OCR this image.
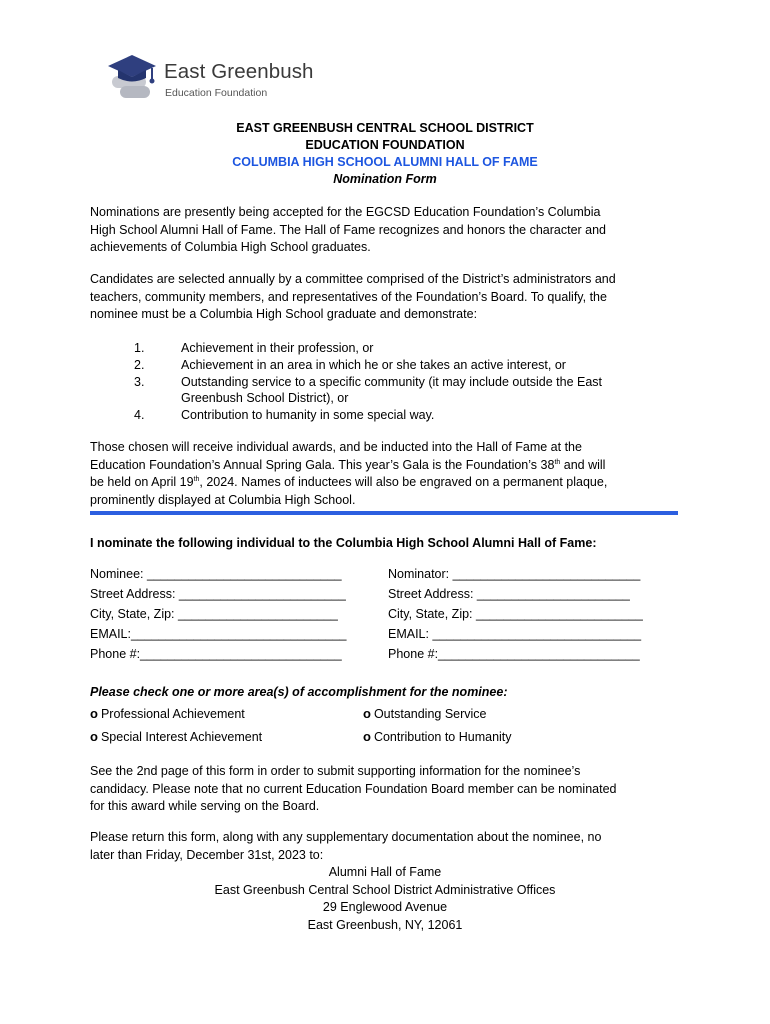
East Greenbush
Education Foundation
EAST GREENBUSH CENTRAL SCHOOL DISTRICT
EDUCATION FOUNDATION
COLUMBIA HIGH SCHOOL ALUMNI HALL OF FAME
Nomination Form
Nominations are presently being accepted for the EGCSD Education Foundation’s Columbia
High School Alumni Hall of Fame. The Hall of Fame recognizes and honors the character and
achievements of Columbia High School graduates.
Candidates are selected annually by a committee comprised of the District’s administrators and
teachers, community members, and representatives of the Foundation’s Board. To qualify, the
nominee must be a Columbia High School graduate and demonstrate:
1.	Achievement in their profession, or
2.	Achievement in an area in which he or she takes an active interest, or
3.	Outstanding service to a specific community (it may include outside the East
Greenbush School District), or
4.	Contribution to humanity in some special way.
Those chosen will receive individual awards, and be inducted into the Hall of Fame at the
Education Foundation’s Annual Spring Gala. This year’s Gala is the Foundation’s 38th and will
be held on April 19th, 2024. Names of inductees will also be engraved on a permanent plaque,
prominently displayed at Columbia High School.
I nominate the following individual to the Columbia High School Alumni Hall of Fame:
Nominee: ____________________________
Street Address: ________________________
City, State, Zip: _______________________
EMAIL:_______________________________
Phone #:_____________________________
Nominator: ___________________________
Street Address: ______________________
City, State, Zip: ________________________
EMAIL: ______________________________
Phone #:_____________________________
Please check one or more area(s) of accomplishment for the nominee:
o Professional Achievement	o Outstanding Service
o Special Interest Achievement	o Contribution to Humanity
See the 2nd page of this form in order to submit supporting information for the nominee’s
candidacy. Please note that no current Education Foundation Board member can be nominated
for this award while serving on the Board.
Please return this form, along with any supplementary documentation about the nominee, no
later than Friday, December 31st, 2023 to:
Alumni Hall of Fame
East Greenbush Central School District Administrative Offices
29 Englewood Avenue
East Greenbush, NY, 12061
